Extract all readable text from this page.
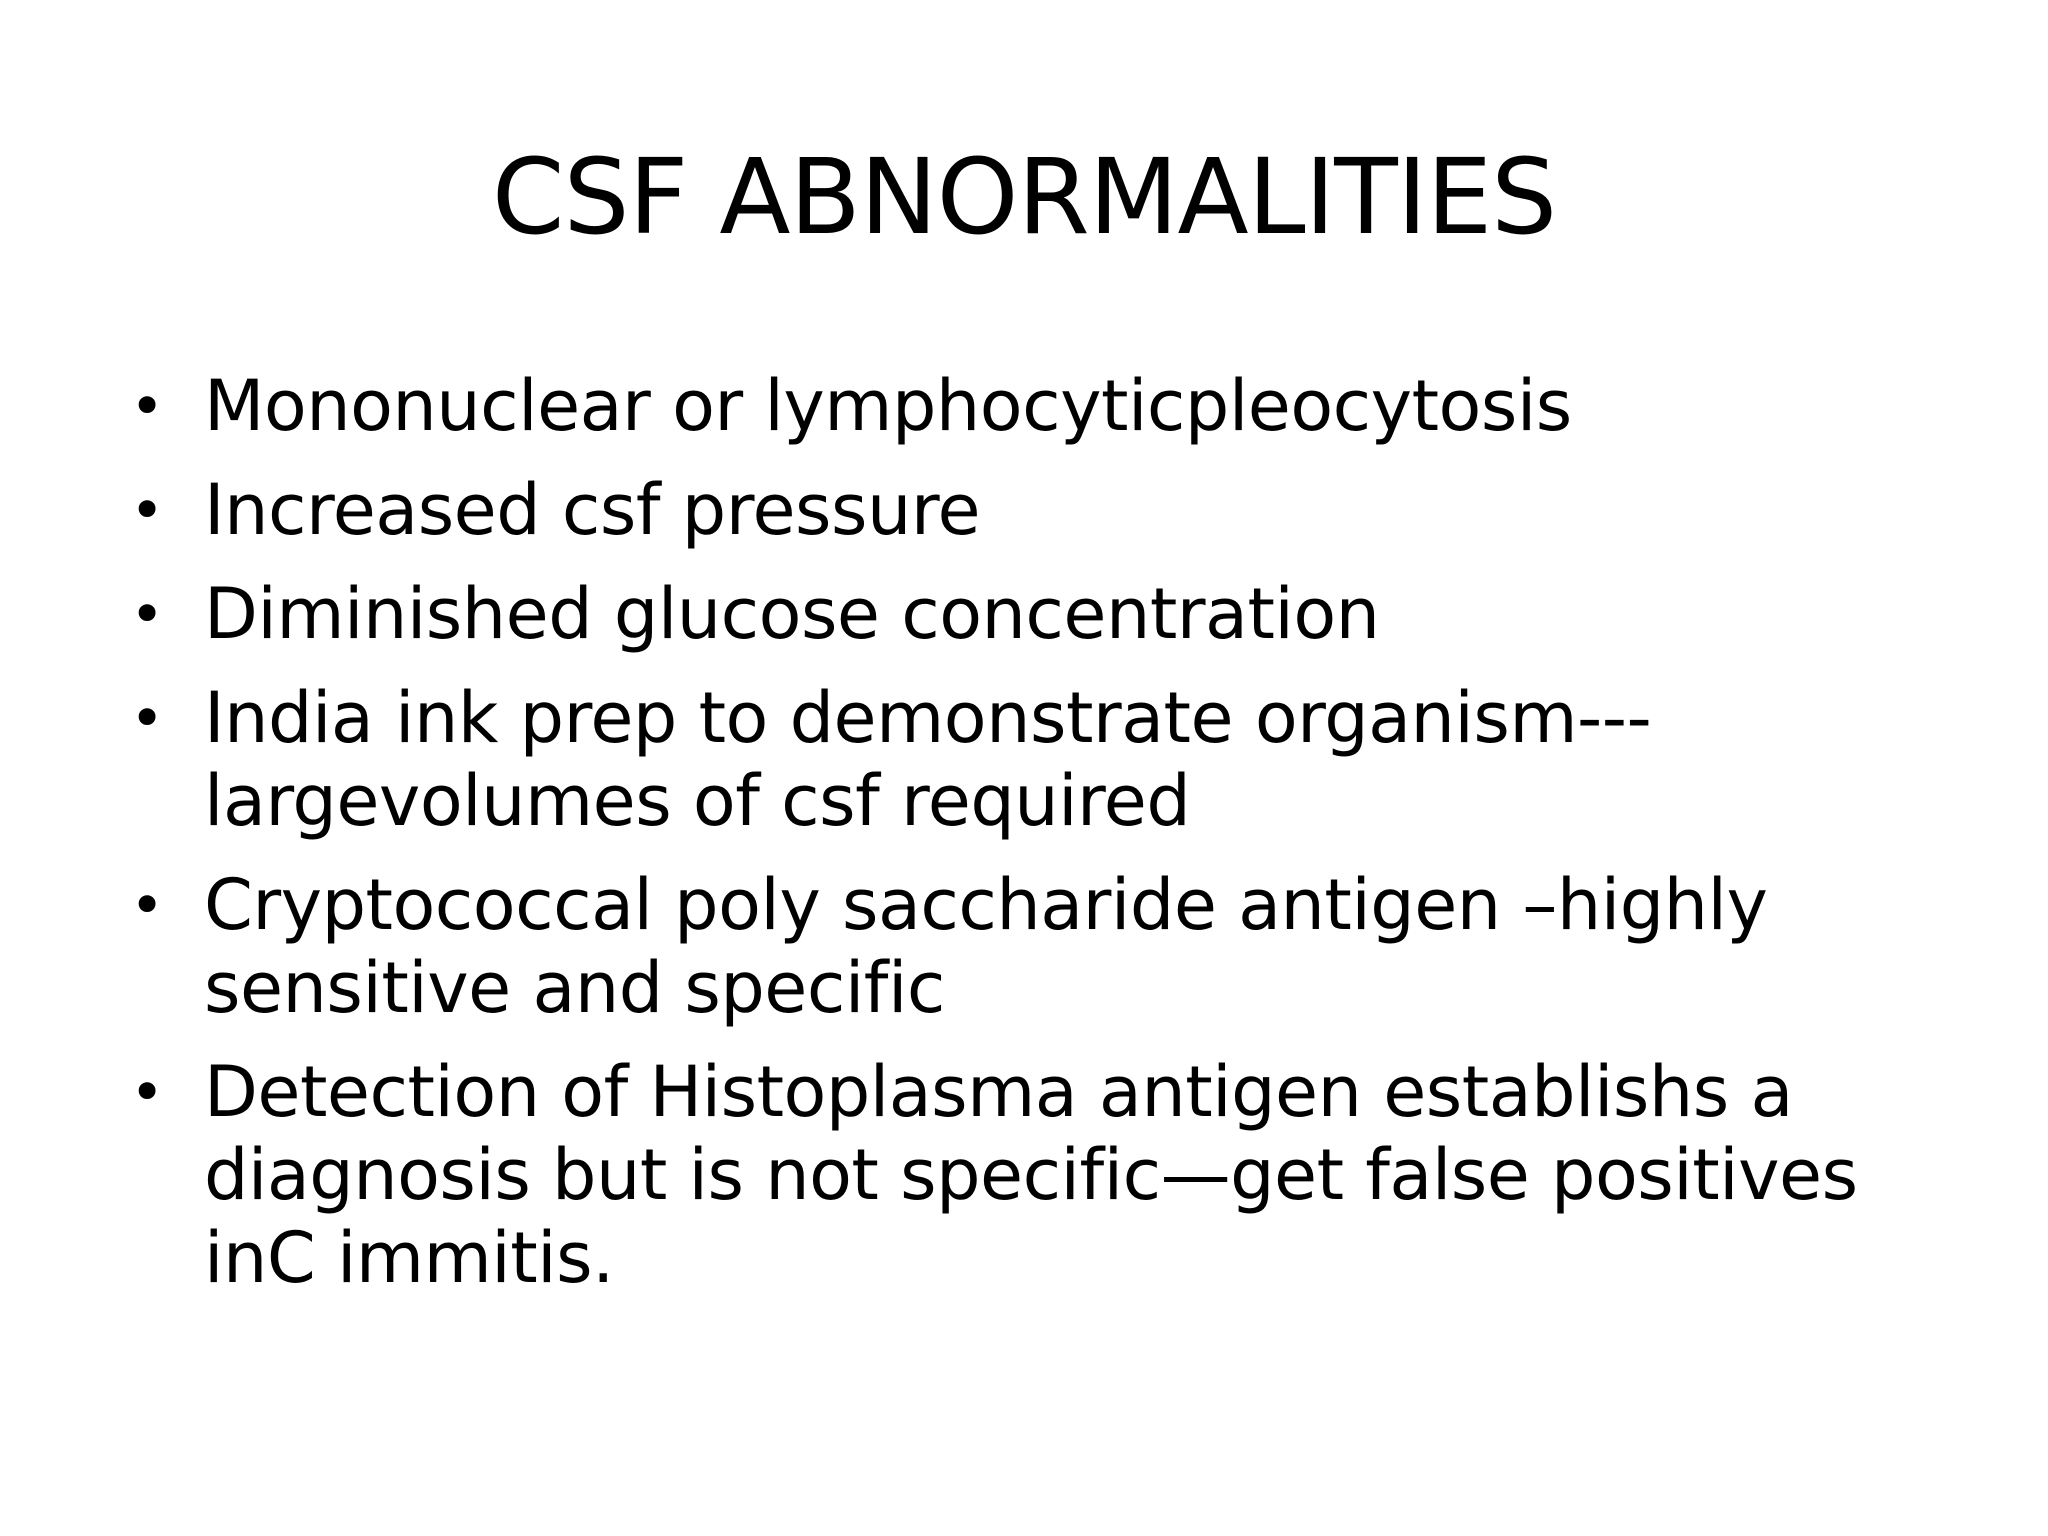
CSF ABNORMALITIES
• Mononuclear or lymphocyticpleocytosis
• Increased csf pressure
• Diminished glucose concentration
• India ink prep to demonstrate organism---largevolumes of csf required
• Cryptococcal poly saccharide antigen –highly sensitive and specific
• Detection of Histoplasma antigen establishs a diagnosis but is not specific—get false positives inC immitis.
